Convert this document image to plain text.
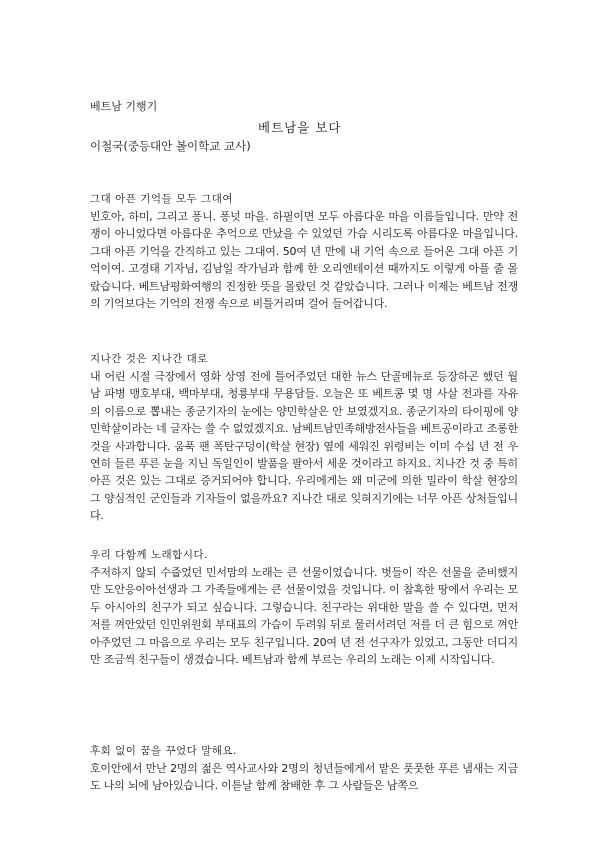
베트남 기행기
베트남을 보다
이철국(중등대안 볼이학교 교사)
그대 아픈 기억들 모두 그대여

빈호아, 하미, 그리고 퐁니. 퐁넛 마을. 하필이면 모두 아름다운 마을 이름들입니다. 만약 전쟁이 아니었다면 아름다운 추억으로 만났을 수 있었던 가슴 시리도록 아름다운 마을입니다. 그대 아픈 기억을 간직하고 있는 그대여. 50여 년 만에 내 기억 속으로 들어온 그대 아픈 기억이여. 고경태 기자님, 김남일 작가님과 함께 한 오리엔테이션 때까지도 이렇게 아플 줄 몰랐습니다. 베트남평화여행의 진정한 뜻을 몰랐던 것 같았습니다. 그러나 이제는 베트남 전쟁의 기억보다는 기억의 전쟁 속으로 비틀거리며 걸어 들어갑니다.

지나간 것은 지나간 대로

내 어린 시절 극장에서 영화 상영 전에 틀어주었던 대한 뉴스 단골메뉴로 등장하곤 했던 월남 파병 맹호부대, 백마부대, 청룡부대 무용담들. 오늘은 또 베트콩 몇 명 사살 전과를 자유의 이름으로 뽑내는 종군기자의 눈에는 양민학살은 안 보였겠지요. 종군기자의 타이핑에 양민학살이라는 네 글자는 쓸 수 없었겠지요. 남베트남민족해방전사들을 베트공이라고 조롱한 것을 사과합니다. 움푹 팬 폭탄구덩이(학살 현장) 옆에 세워진 위령비는 이미 수십 년 전 우연히 들른 푸른 눈을 지닌 독일인이 발품을 팔아서 세운 것이라고 하지요. 지나간 것 중 특히 아픈 것은 있는 그대로 증거되어야 합니다. 우리에게는 왜 미군에 의한 밀라이 학살 현장의 그 양심적인 군인들과 기자들이 없을까요? 지나간 대로 잊혀지기에는 너무 아픈 상처들입니다.

우리 다함께 노래합시다.

주저하지 않되 수줍었던 민서맘의 노래는 큰 선물이었습니다. 벗들이 작은 선물을 준비했지만 도안응이아선생과 그 가족들에게는 큰 선물이었을 것입니다. 이 참혹한 땅에서 우리는 모두 아시아의 친구가 되고 싶습니다. 그렇습니다. 친구라는 위대한 말을 쓸 수 있다면, 먼저 저를 껴안았던 인민위원회 부대표의 가슴이 두려워 뒤로 물러서려던 저를 더 큰 힘으로 껴안아주었던 그 마음으로 우리는 모두 친구입니다. 20여 년 전 선구자가 있었고, 그동안 더디지만 조금씩 친구들이 생겼습니다. 베트남과 함께 부르는 우리의 노래는 이제 시작입니다.

후회 없이 꿈을 꾸었다 말해요.

호이안에서 만난 2명의 젊은 역사교사와 2명의 청년들에게서 맡은 풋풋한 푸른 냄새는 지금도 나의 뇌에 남아있습니다. 이튿날 함께 참배한 후 그 사람들은 남쪽으
